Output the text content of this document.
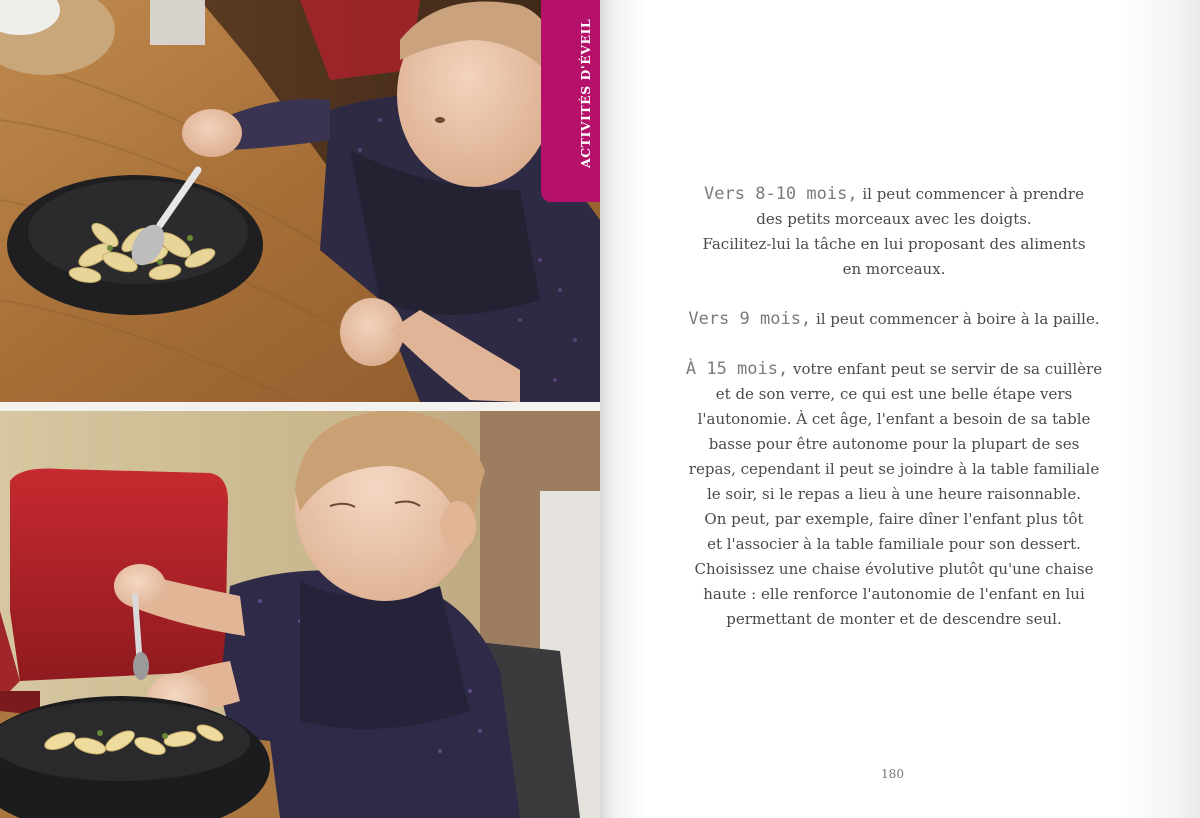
ACTIVITÉS D'ÉVEIL

Vers 8-10 mois, il peut commencer à prendre
des petits morceaux avec les doigts.
Facilitez-lui la tâche en lui proposant des aliments
en morceaux.

Vers 9 mois, il peut commencer à boire à la paille.

À 15 mois, votre enfant peut se servir de sa cuillère
et de son verre, ce qui est une belle étape vers
l'autonomie. À cet âge, l'enfant a besoin de sa table
basse pour être autonome pour la plupart de ses
repas, cependant il peut se joindre à la table familiale
le soir, si le repas a lieu à une heure raisonnable.
On peut, par exemple, faire dîner l'enfant plus tôt
et l'associer à la table familiale pour son dessert.
Choisissez une chaise évolutive plutôt qu'une chaise
haute : elle renforce l'autonomie de l'enfant en lui
permettant de monter et de descendre seul.

180
